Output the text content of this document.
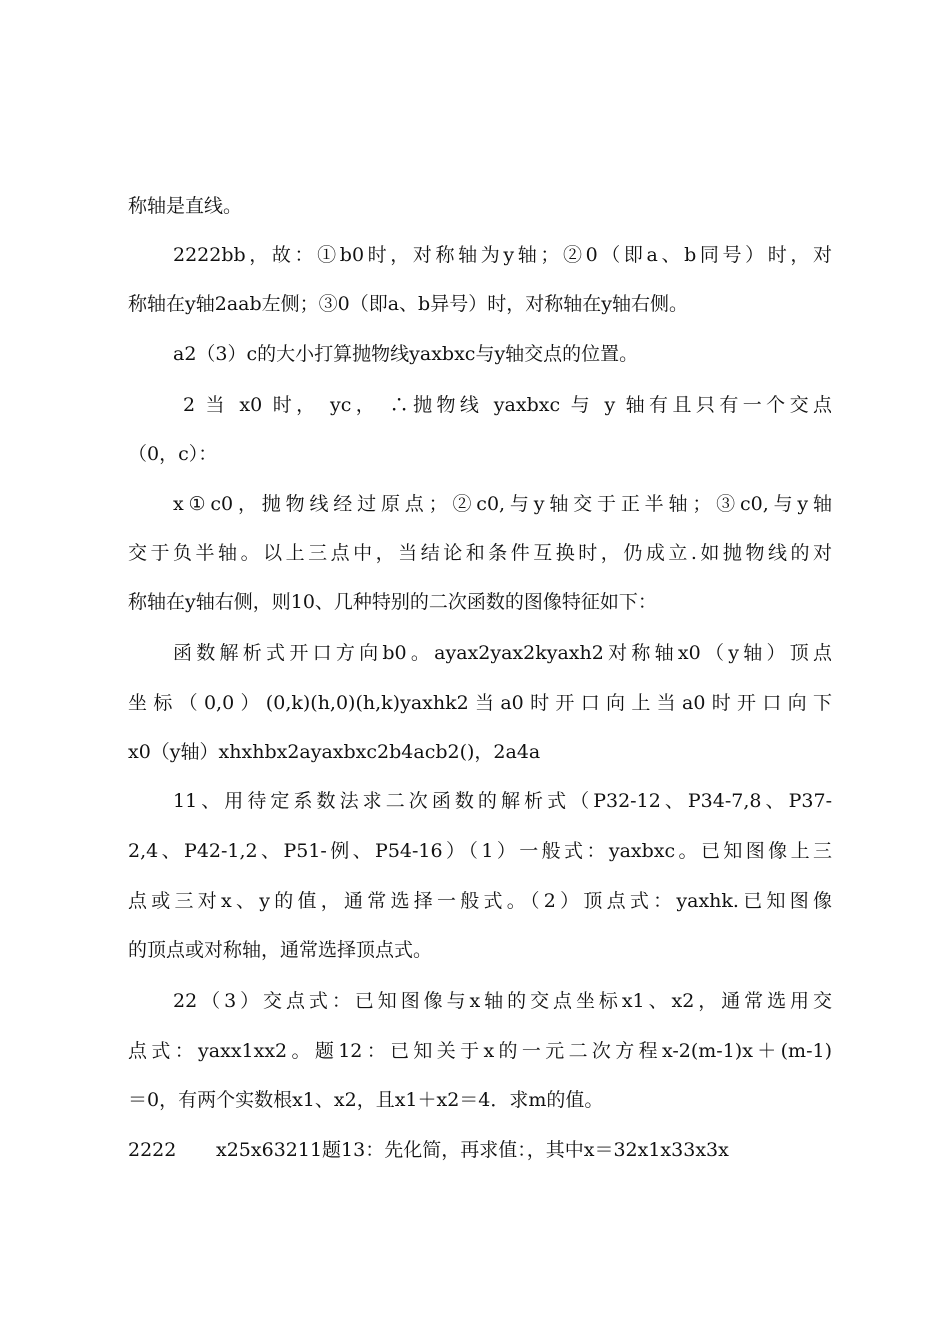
称轴是直线。
2222bb，故：①b0时，对称轴为y轴；②0（即a、b同号）时，对
称轴在y轴2aab左侧；③0（即a、b异号）时，对称轴在y轴右侧。
a2（3）c的大小打算抛物线yaxbxc与y轴交点的位置。
2 当 x0 时， yc， ∴抛物线 yaxbxc 与 y 轴有且只有一个交点
（0，c）：
x①c0，抛物线经过原点；②c0,与y轴交于正半轴；③c0,与y轴
交于负半轴。以上三点中，当结论和条件互换时，仍成立.如抛物线的对
称轴在y轴右侧，则10、几种特别的二次函数的图像特征如下：
函数解析式开口方向b0。ayax2yax2kyaxh2对称轴x0（y轴）顶点
坐标（0,0）(0,k)(h,0)(h,k)yaxhk2当a0时开口向上当a0时开口向下
x0（y轴）xhxhbx2ayaxbxc2b4acb2()，2a4a
11、用待定系数法求二次函数的解析式（P32-12、P34-7,8、P37-
2,4、P42-1,2、P51-例、P54-16）（1）一般式：yaxbxc。已知图像上三
点或三对x、y的值，通常选择一般式。（2）顶点式：yaxhk.已知图像
的顶点或对称轴，通常选择顶点式。
22（3）交点式：已知图像与x轴的交点坐标x1、x2，通常选用交
点式：yaxx1xx2。题12：已知关于x的一元二次方程x-2(m-1)x＋(m-1)
＝0，有两个实数根x1、x2，且x1＋x2＝4．求m的值。
2222	x25x63211题13：先化简，再求值：，其中x＝32x1x33x3x
